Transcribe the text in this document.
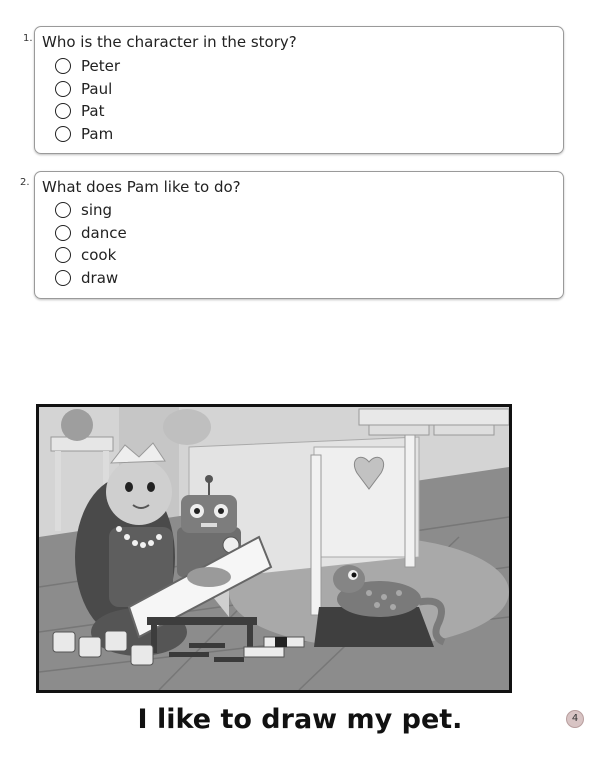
1. Who is the character in the story?
Peter
Paul
Pat
Pam
2. What does Pam like to do?
sing
dance
cook
draw
I like to draw my pet.	4
